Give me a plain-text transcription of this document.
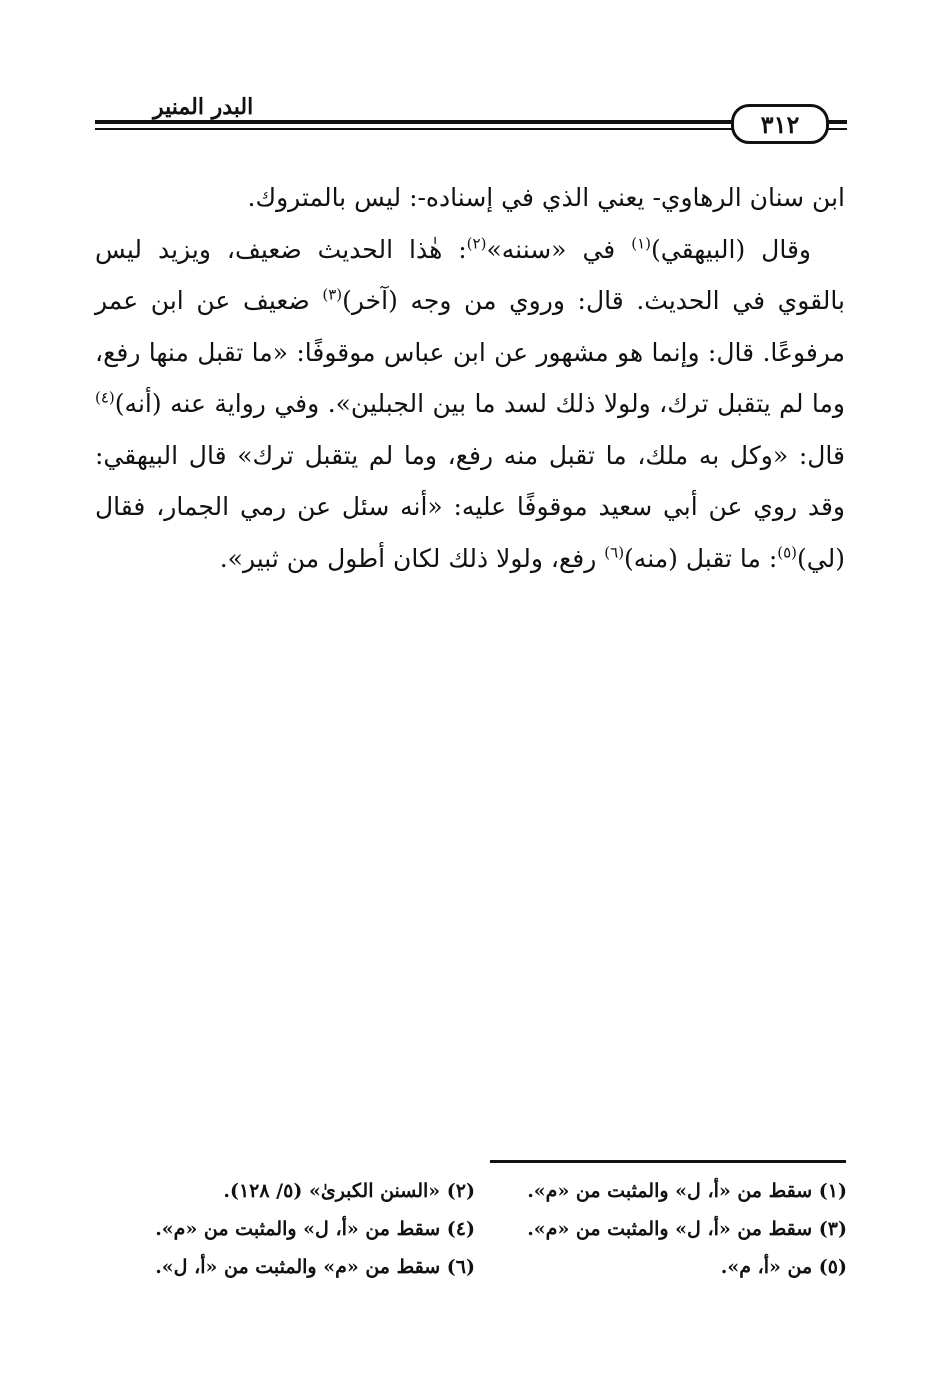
٣١٢
البدر المنير

ابن سنان الرهاوي- يعني الذي في إسناده-: ليس بالمتروك.

وقال (البيهقي)$^{(١)}$ في «سننه»$^{(٢)}$: هٰذا الحديث ضعيف، ويزيد ليس بالقوي في الحديث. قال: وروي من وجه (آخر)$^{(٣)}$ ضعيف عن ابن عمر مرفوعًا. قال: وإنما هو مشهور عن ابن عباس موقوفًا: «ما تقبل منها رفع، وما لم يتقبل ترك، ولولا ذلك لسد ما بين الجبلين». وفي رواية عنه (أنه)$^{(٤)}$ قال: «وكل به ملك، ما تقبل منه رفع، وما لم يتقبل ترك» قال البيهقي: وقد روي عن أبي سعيد موقوفًا عليه: «أنه سئل عن رمي الجمار، فقال (لي)$^{(٥)}$: ما تقبل (منه)$^{(٦)}$ رفع، ولولا ذلك لكان أطول من ثبير».

(١) سقط من «أ، ل» والمثبت من «م».
(٢) «السنن الكبرىٰ» (٥/ ١٢٨).
(٣) سقط من «أ، ل» والمثبت من «م».
(٤) سقط من «أ، ل» والمثبت من «م».
(٥) من «أ، م».
(٦) سقط من «م» والمثبت من «أ، ل».
